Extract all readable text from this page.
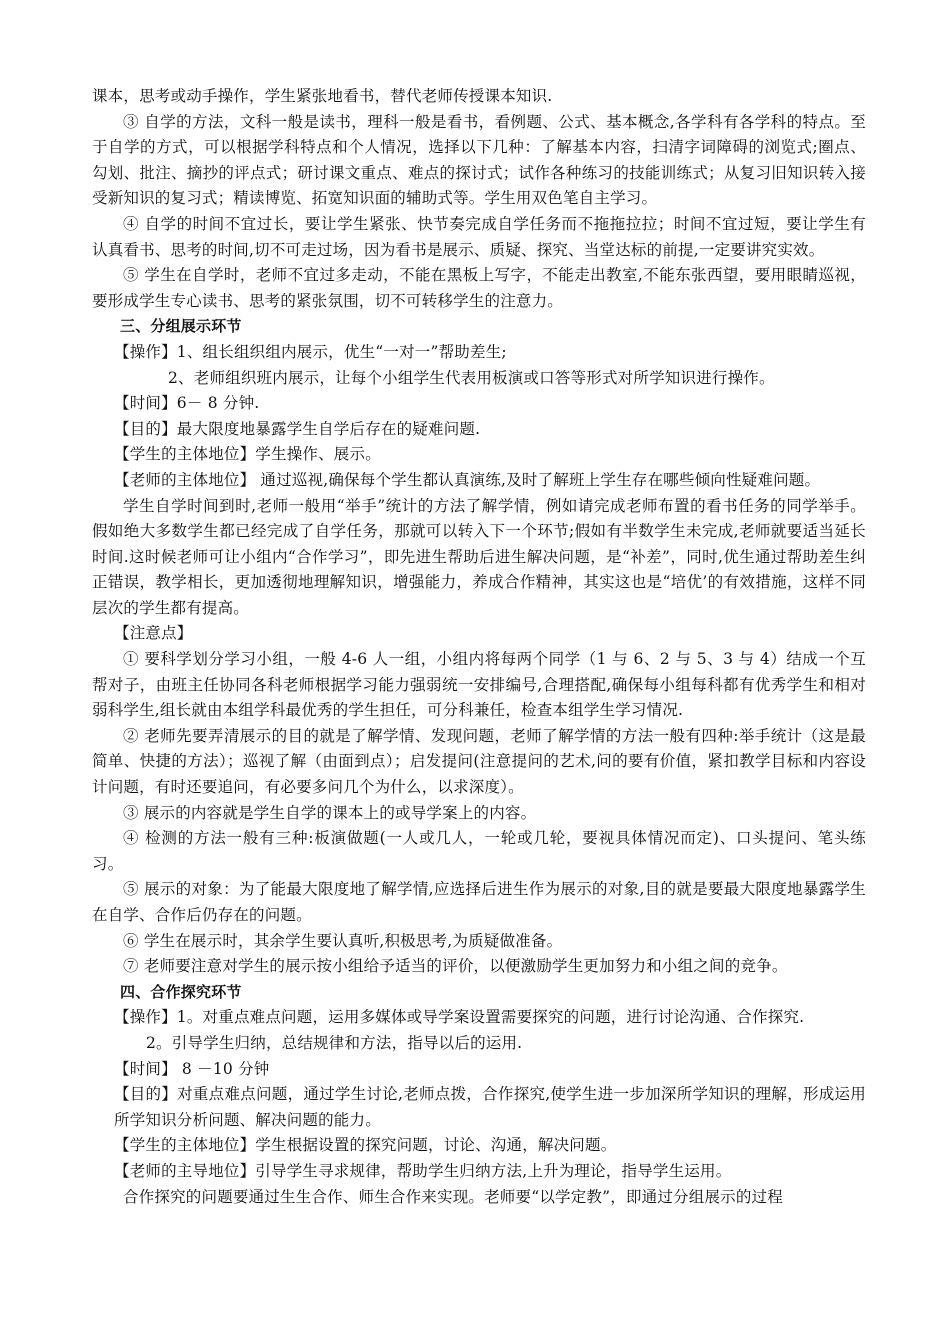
课本，思考或动手操作，学生紧张地看书，替代老师传授课本知识.

③ 自学的方法，文科一般是读书，理科一般是看书，看例题、公式、基本概念,各学科有各学科的特点。至于自学的方式，可以根据学科特点和个人情况，选择以下几种：了解基本内容，扫清字词障碍的浏览式;圈点、勾划、批注、摘抄的评点式；研讨课文重点、难点的探讨式；试作各种练习的技能训练式；从复习旧知识转入接受新知识的复习式；精读博览、拓宽知识面的辅助式等。学生用双色笔自主学习。

④ 自学的时间不宜过长，要让学生紧张、快节奏完成自学任务而不拖拖拉拉；时间不宜过短，要让学生有认真看书、思考的时间,切不可走过场，因为看书是展示、质疑、探究、当堂达标的前提,一定要讲究实效。

⑤ 学生在自学时，老师不宜过多走动，不能在黑板上写字，不能走出教室,不能东张西望，要用眼睛巡视，要形成学生专心读书、思考的紧张氛围，切不可转移学生的注意力。

三、分组展示环节

【操作】1、组长组织组内展示，优生“一对一”帮助差生;

2、老师组织班内展示，让每个小组学生代表用板演或口答等形式对所学知识进行操作。

【时间】6－ 8 分钟.

【目的】最大限度地暴露学生自学后存在的疑难问题.

【学生的主体地位】学生操作、展示。

【老师的主体地位】 通过巡视,确保每个学生都认真演练,及时了解班上学生存在哪些倾向性疑难问题。

学生自学时间到时,老师一般用“举手”统计的方法了解学情，例如请完成老师布置的看书任务的同学举手。假如绝大多数学生都已经完成了自学任务，那就可以转入下一个环节;假如有半数学生未完成,老师就要适当延长时间.这时候老师可让小组内“合作学习”，即先进生帮助后进生解决问题，是“补差”，同时,优生通过帮助差生纠正错误，教学相长，更加透彻地理解知识，增强能力，养成合作精神，其实这也是“培优’的有效措施，这样不同层次的学生都有提高。

【注意点】

① 要科学划分学习小组，一般 4-6 人一组，小组内将每两个同学（1 与 6、2 与 5、3 与 4）结成一个互帮对子，由班主任协同各科老师根据学习能力强弱统一安排编号,合理搭配,确保每小组每科都有优秀学生和相对弱科学生,组长就由本组学科最优秀的学生担任，可分科兼任，检查本组学生学习情况.

② 老师先要弄清展示的目的就是了解学情、发现问题，老师了解学情的方法一般有四种:举手统计（这是最简单、快捷的方法）；巡视了解（由面到点）；启发提问(注意提问的艺术,问的要有价值，紧扣教学目标和内容设计问题，有时还要追问，有必要多问几个为什么，以求深度）。

③ 展示的内容就是学生自学的课本上的或导学案上的内容。

④ 检测的方法一般有三种:板演做题(一人或几人，一轮或几轮，要视具体情况而定)、口头提问、笔头练习。

⑤ 展示的对象：为了能最大限度地了解学情,应选择后进生作为展示的对象,目的就是要最大限度地暴露学生在自学、合作后仍存在的问题。

⑥ 学生在展示时，其余学生要认真听,积极思考,为质疑做准备。

⑦ 老师要注意对学生的展示按小组给予适当的评价，以便激励学生更加努力和小组之间的竞争。

四、合作探究环节

【操作】1。对重点难点问题，运用多媒体或导学案设置需要探究的问题，进行讨论沟通、合作探究.

2。引导学生归纳，总结规律和方法，指导以后的运用.

【时间】 8 －10 分钟

【目的】对重点难点问题，通过学生讨论,老师点拨，合作探究,使学生进一步加深所学知识的理解，形成运用所学知识分析问题、解决问题的能力。

【学生的主体地位】学生根据设置的探究问题，讨论、沟通，解决问题。

【老师的主导地位】引导学生寻求规律，帮助学生归纳方法,上升为理论，指导学生运用。

合作探究的问题要通过生生合作、师生合作来实现。老师要“以学定教”，即通过分组展示的过程
